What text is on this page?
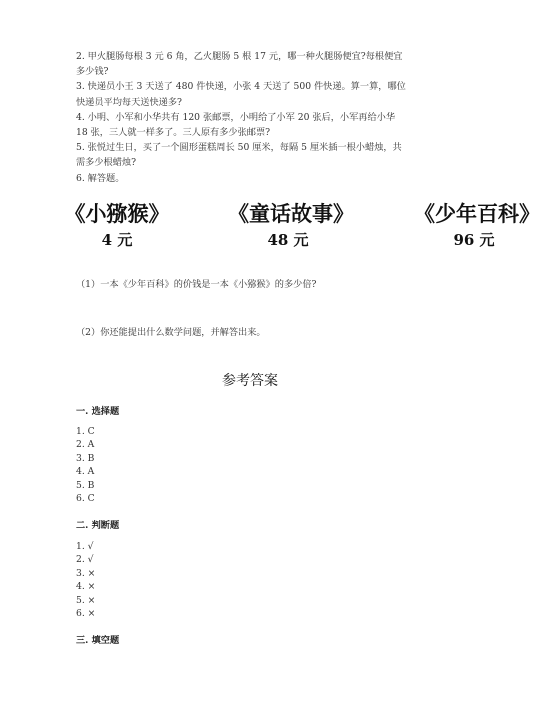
2. 甲火腿肠每根 3 元 6 角，乙火腿肠 5 根 17 元，哪一种火腿肠便宜?每根便宜
多少钱?
3. 快递员小王 3 天送了 480 件快递，小张 4 天送了 500 件快递。算一算，哪位
快递员平均每天送快递多?
4. 小明、小军和小华共有 120 张邮票，小明给了小军 20 张后，小军再给小华
18 张，三人就一样多了。三人原有多少张邮票?
5. 张悦过生日，买了一个圆形蛋糕周长 50 厘米，每隔 5 厘米插一根小蜡烛，共
需多少根蜡烛?
6. 解答题。
《小猕猴》
4 元
《童话故事》
48 元
《少年百科》
96 元
（1）一本《少年百科》的价钱是一本《小猕猴》的多少倍?
（2）你还能提出什么数学问题，并解答出来。
参考答案
一. 选择题
1. C
2. A
3. B
4. A
5. B
6. C
二. 判断题
1. √
2. √
3. ×
4. ×
5. ×
6. ×
三. 填空题
